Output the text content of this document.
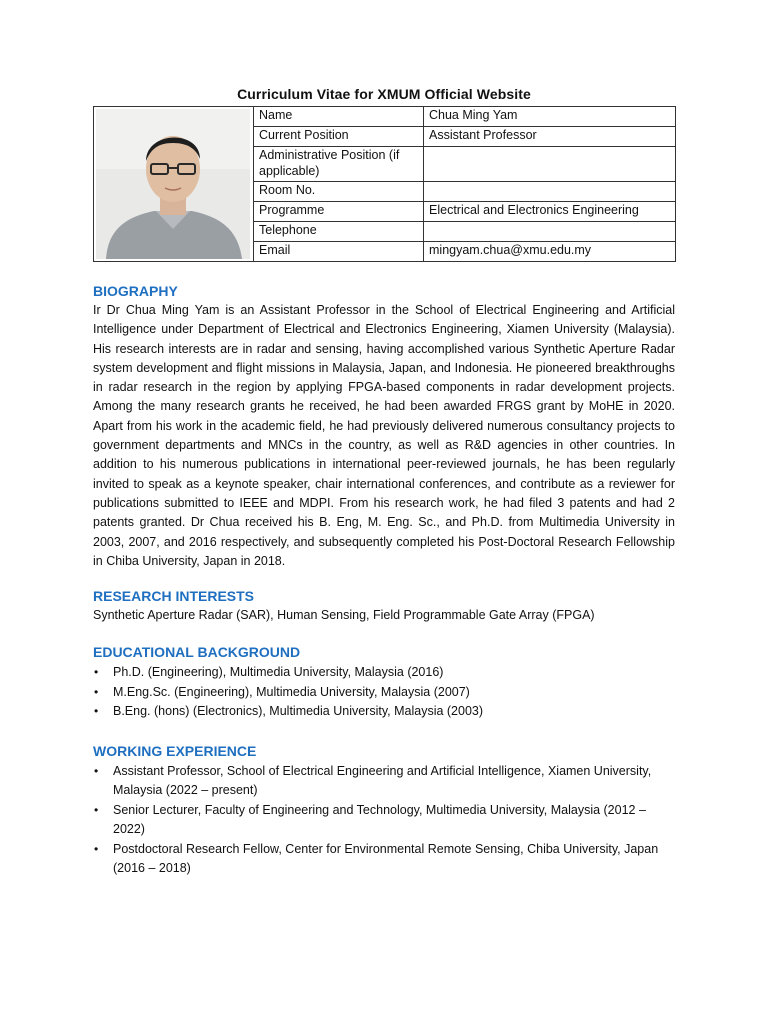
Curriculum Vitae for XMUM Official Website
	Name	Chua Ming Yam
	Current Position	Assistant Professor
	Administrative Position (if applicable)	
	Room No.	
	Programme	Electrical and Electronics Engineering
	Telephone	
	Email	mingyam.chua@xmu.edu.my
BIOGRAPHY

Ir Dr Chua Ming Yam is an Assistant Professor in the School of Electrical Engineering and Artificial Intelligence under Department of Electrical and Electronics Engineering, Xiamen University (Malaysia). His research interests are in radar and sensing, having accomplished various Synthetic Aperture Radar system development and flight missions in Malaysia, Japan, and Indonesia. He pioneered breakthroughs in radar research in the region by applying FPGA-based components in radar development projects. Among the many research grants he received, he had been awarded FRGS grant by MoHE in 2020. Apart from his work in the academic field, he had previously delivered numerous consultancy projects to government departments and MNCs in the country, as well as R&D agencies in other countries. In addition to his numerous publications in international peer-reviewed journals, he has been regularly invited to speak as a keynote speaker, chair international conferences, and contribute as a reviewer for publications submitted to IEEE and MDPI. From his research work, he had filed 3 patents and had 2 patents granted. Dr Chua received his B. Eng, M. Eng. Sc., and Ph.D. from Multimedia University in 2003, 2007, and 2016 respectively, and subsequently completed his Post-Doctoral Research Fellowship in Chiba University, Japan in 2018.

RESEARCH INTERESTS

Synthetic Aperture Radar (SAR), Human Sensing, Field Programmable Gate Array (FPGA)

EDUCATIONAL BACKGROUND
• Ph.D. (Engineering), Multimedia University, Malaysia (2016)
• M.Eng.Sc. (Engineering), Multimedia University, Malaysia (2007)
• B.Eng. (hons) (Electronics), Multimedia University, Malaysia (2003)
WORKING EXPERIENCE
• Assistant Professor, School of Electrical Engineering and Artificial Intelligence, Xiamen University, Malaysia (2022 – present)
• Senior Lecturer, Faculty of Engineering and Technology, Multimedia University, Malaysia (2012 – 2022)
• Postdoctoral Research Fellow, Center for Environmental Remote Sensing, Chiba University, Japan (2016 – 2018)
